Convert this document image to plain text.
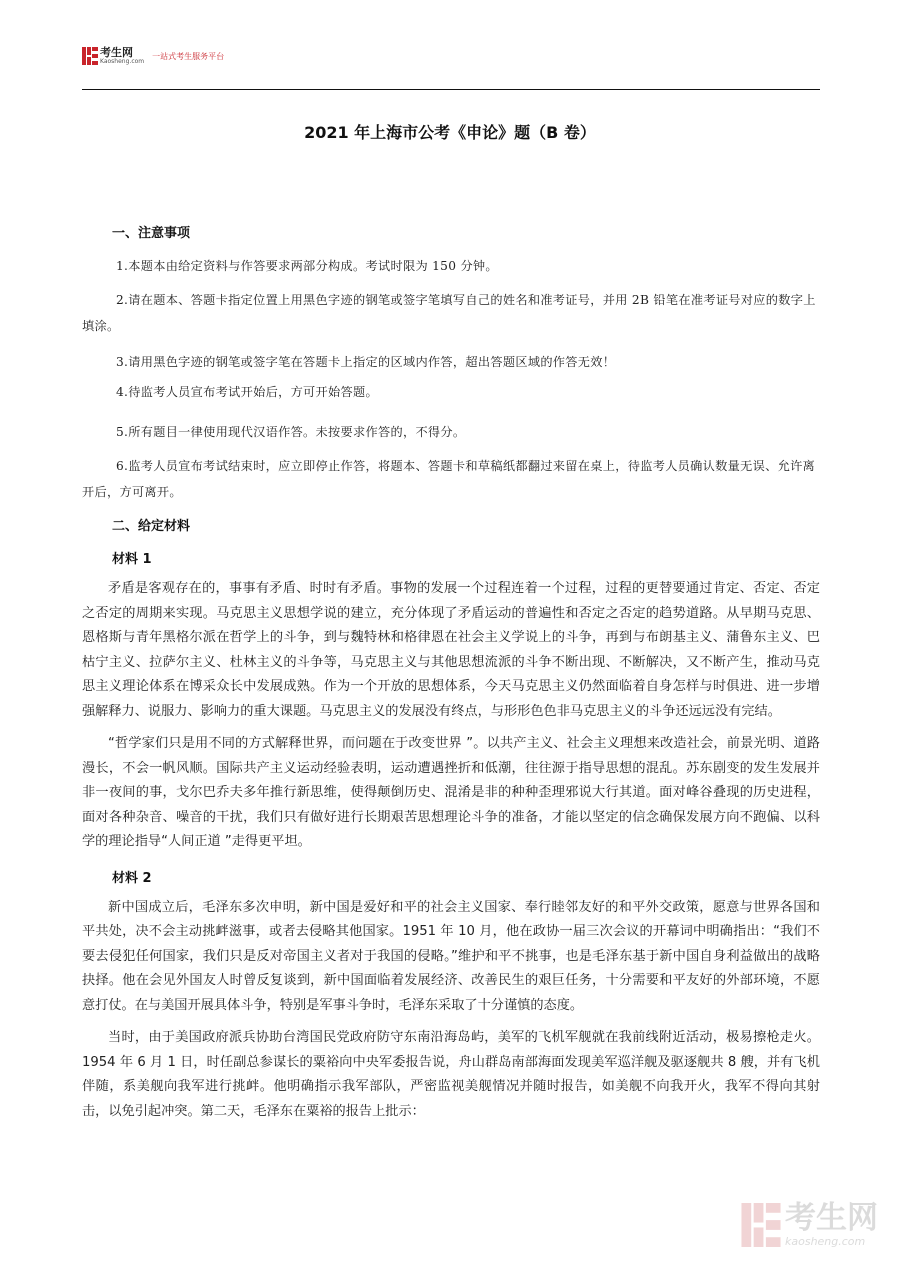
考生网
Kaosheng.com
一站式考生服务平台
2021 年上海市公考《申论》题（B 卷）

一、注意事项

1.本题本由给定资料与作答要求两部分构成。考试时限为 150 分钟。

2.请在题本、答题卡指定位置上用黑色字迹的钢笔或签字笔填写自己的姓名和准考证号，并用 2B 铅笔在准考证号对应的数字上填涂。

3.请用黑色字迹的钢笔或签字笔在答题卡上指定的区域内作答，超出答题区域的作答无效！

4.待监考人员宣布考试开始后，方可开始答题。

5.所有题目一律使用现代汉语作答。未按要求作答的，不得分。

6.监考人员宣布考试结束时，应立即停止作答，将题本、答题卡和草稿纸都翻过来留在桌上，待监考人员确认数量无误、允许离开后，方可离开。

二、给定材料

材料 1

矛盾是客观存在的，事事有矛盾、时时有矛盾。事物的发展一个过程连着一个过程，过程的更替要通过肯定、否定、否定之否定的周期来实现。马克思主义思想学说的建立，充分体现了矛盾运动的普遍性和否定之否定的趋势道路。从早期马克思、恩格斯与青年黑格尔派在哲学上的斗争，到与魏特林和格律恩在社会主义学说上的斗争，再到与布朗基主义、蒲鲁东主义、巴枯宁主义、拉萨尔主义、杜林主义的斗争等，马克思主义与其他思想流派的斗争不断出现、不断解决，又不断产生，推动马克思主义理论体系在博采众长中发展成熟。作为一个开放的思想体系，今天马克思主义仍然面临着自身怎样与时俱进、进一步增强解释力、说服力、影响力的重大课题。马克思主义的发展没有终点，与形形色色非马克思主义的斗争还远远没有完结。

“哲学家们只是用不同的方式解释世界，而问题在于改变世界 ”。以共产主义、社会主义理想来改造社会，前景光明、道路漫长，不会一帆风顺。国际共产主义运动经验表明，运动遭遇挫折和低潮，往往源于指导思想的混乱。苏东剧变的发生发展并非一夜间的事，戈尔巴乔夫多年推行新思维，使得颠倒历史、混淆是非的种种歪理邪说大行其道。面对峰谷叠现的历史进程，面对各种杂音、噪音的干扰，我们只有做好进行长期艰苦思想理论斗争的准备，才能以坚定的信念确保发展方向不跑偏、以科学的理论指导“人间正道 ”走得更平坦。

材料 2

新中国成立后，毛泽东多次申明，新中国是爱好和平的社会主义国家、奉行睦邻友好的和平外交政策，愿意与世界各国和平共处，决不会主动挑衅滋事，或者去侵略其他国家。1951 年 10 月，他在政协一届三次会议的开幕词中明确指出：“我们不要去侵犯任何国家，我们只是反对帝国主义者对于我国的侵略。”维护和平不挑事，也是毛泽东基于新中国自身利益做出的战略抉择。他在会见外国友人时曾反复谈到，新中国面临着发展经济、改善民生的艰巨任务，十分需要和平友好的外部环境，不愿意打仗。在与美国开展具体斗争，特别是军事斗争时，毛泽东采取了十分谨慎的态度。

当时，由于美国政府派兵协助台湾国民党政府防守东南沿海岛屿，美军的飞机军舰就在我前线附近活动，极易擦枪走火。1954 年 6 月 1 日，时任副总参谋长的粟裕向中央军委报告说，舟山群岛南部海面发现美军巡洋舰及驱逐舰共 8 艘，并有飞机伴随，系美舰向我军进行挑衅。他明确指示我军部队，严密监视美舰情况并随时报告，如美舰不向我开火，我军不得向其射击，以免引起冲突。第二天，毛泽东在粟裕的报告上批示：

考生网
kaosheng.com
